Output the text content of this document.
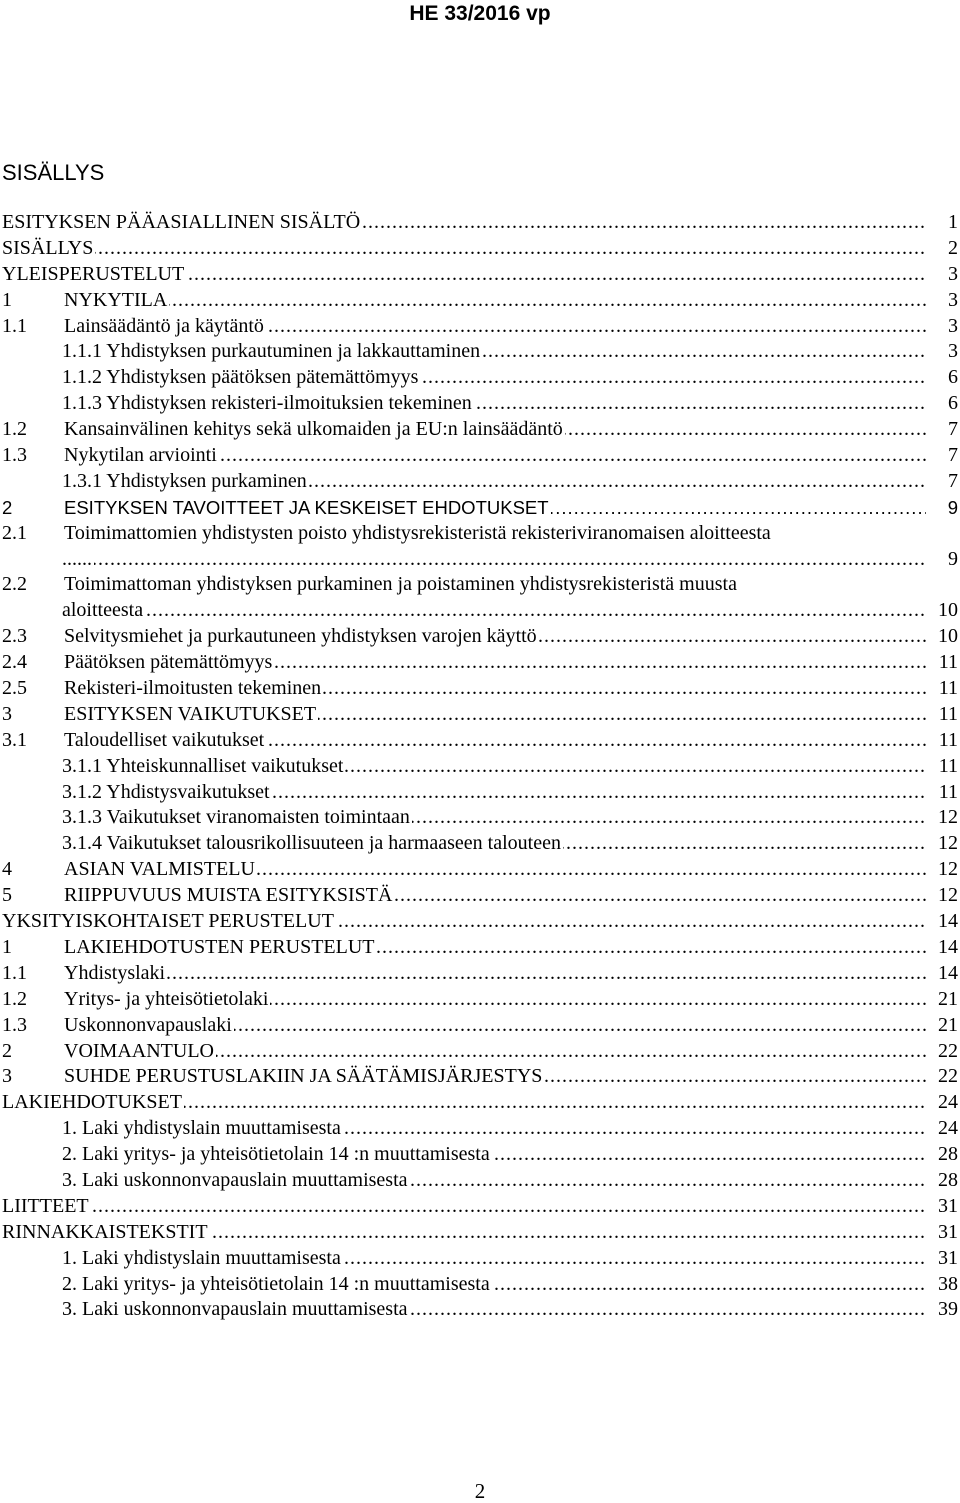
HE 33/2016 vp
SISÄLLYS
ESITYKSEN PÄÄASIALLINEN SISÄLTÖ .....	1
SISÄLLYS .....	2
YLEISPERUSTELUT .....	3
1	NYKYTILA .....	3
1.1 Lainsäädäntö ja käytäntö .....	3
1.1.1 Yhdistyksen purkautuminen ja lakkauttaminen .....	3
1.1.2 Yhdistyksen päätöksen pätemättömyys .....	6
1.1.3 Yhdistyksen rekisteri-ilmoituksien tekeminen .....	6
1.2 Kansainvälinen kehitys sekä ulkomaiden ja EU:n lainsäädäntö .....	7
1.3 Nykytilan arviointi .....	7
1.3.1 Yhdistyksen purkaminen .....	7
2	ESITYKSEN TAVOITTEET JA KESKEISET EHDOTUKSET .....	9
2.1 Toimimattomien yhdistysten poisto yhdistysrekisteristä rekisteriviranomaisen aloitteesta
...... .....	9
2.2 Toimimattoman yhdistyksen purkaminen ja poistaminen yhdistysrekisteristä muusta
aloitteesta .....	10
2.3 Selvitysmiehet ja purkautuneen yhdistyksen varojen käyttö .....	10
2.4 Päätöksen pätemättömyys .....	11
2.5 Rekisteri-ilmoitusten tekeminen .....	11
3	ESITYKSEN VAIKUTUKSET .....	11
3.1 Taloudelliset vaikutukset .....	11
3.1.1 Yhteiskunnalliset vaikutukset .....	11
3.1.2 Yhdistysvaikutukset .....	11
3.1.3 Vaikutukset viranomaisten toimintaan .....	12
3.1.4 Vaikutukset talousrikollisuuteen ja harmaaseen talouteen .....	12
4	ASIAN VALMISTELU .....	12
5	RIIPPUVUUS MUISTA ESITYKSISTÄ .....	12
YKSITYISKOHTAISET PERUSTELUT .....	14
1	LAKIEHDOTUSTEN PERUSTELUT .....	14
1.1 Yhdistyslaki .....	14
1.2 Yritys- ja yhteisötietolaki .....	21
1.3 Uskonnonvapauslaki .....	21
2	VOIMAANTULO .....	22
3	SUHDE PERUSTUSLAKIIN JA SÄÄTÄMISJÄRJESTYS .....	22
LAKIEHDOTUKSET .....	24
1. Laki yhdistyslain muuttamisesta .....	24
2. Laki yritys- ja yhteisötietolain 14 :n muuttamisesta .....	28
3. Laki uskonnonvapauslain muuttamisesta .....	28
LIITTEET .....	31
RINNAKKAISTEKSTIT .....	31
1. Laki yhdistyslain muuttamisesta .....	31
2. Laki yritys- ja yhteisötietolain 14 :n muuttamisesta .....	38
3. Laki uskonnonvapauslain muuttamisesta .....	39
2
